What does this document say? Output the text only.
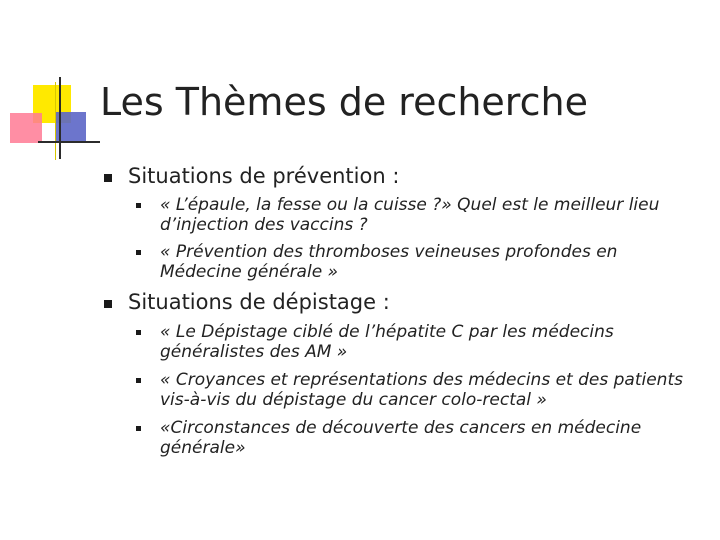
Les Thèmes de recherche
Situations de prévention :
« L’épaule, la fesse ou la cuisse ?» Quel est le meilleur lieu
d’injection des vaccins ?
« Prévention des thromboses veineuses profondes en
Médecine générale »
Situations de dépistage :
« Le Dépistage ciblé de l’hépatite C par les médecins
généralistes des AM »
« Croyances et représentations des médecins et des patients
vis-à-vis du dépistage du cancer colo-rectal »
«Circonstances de découverte des cancers en médecine
générale»
